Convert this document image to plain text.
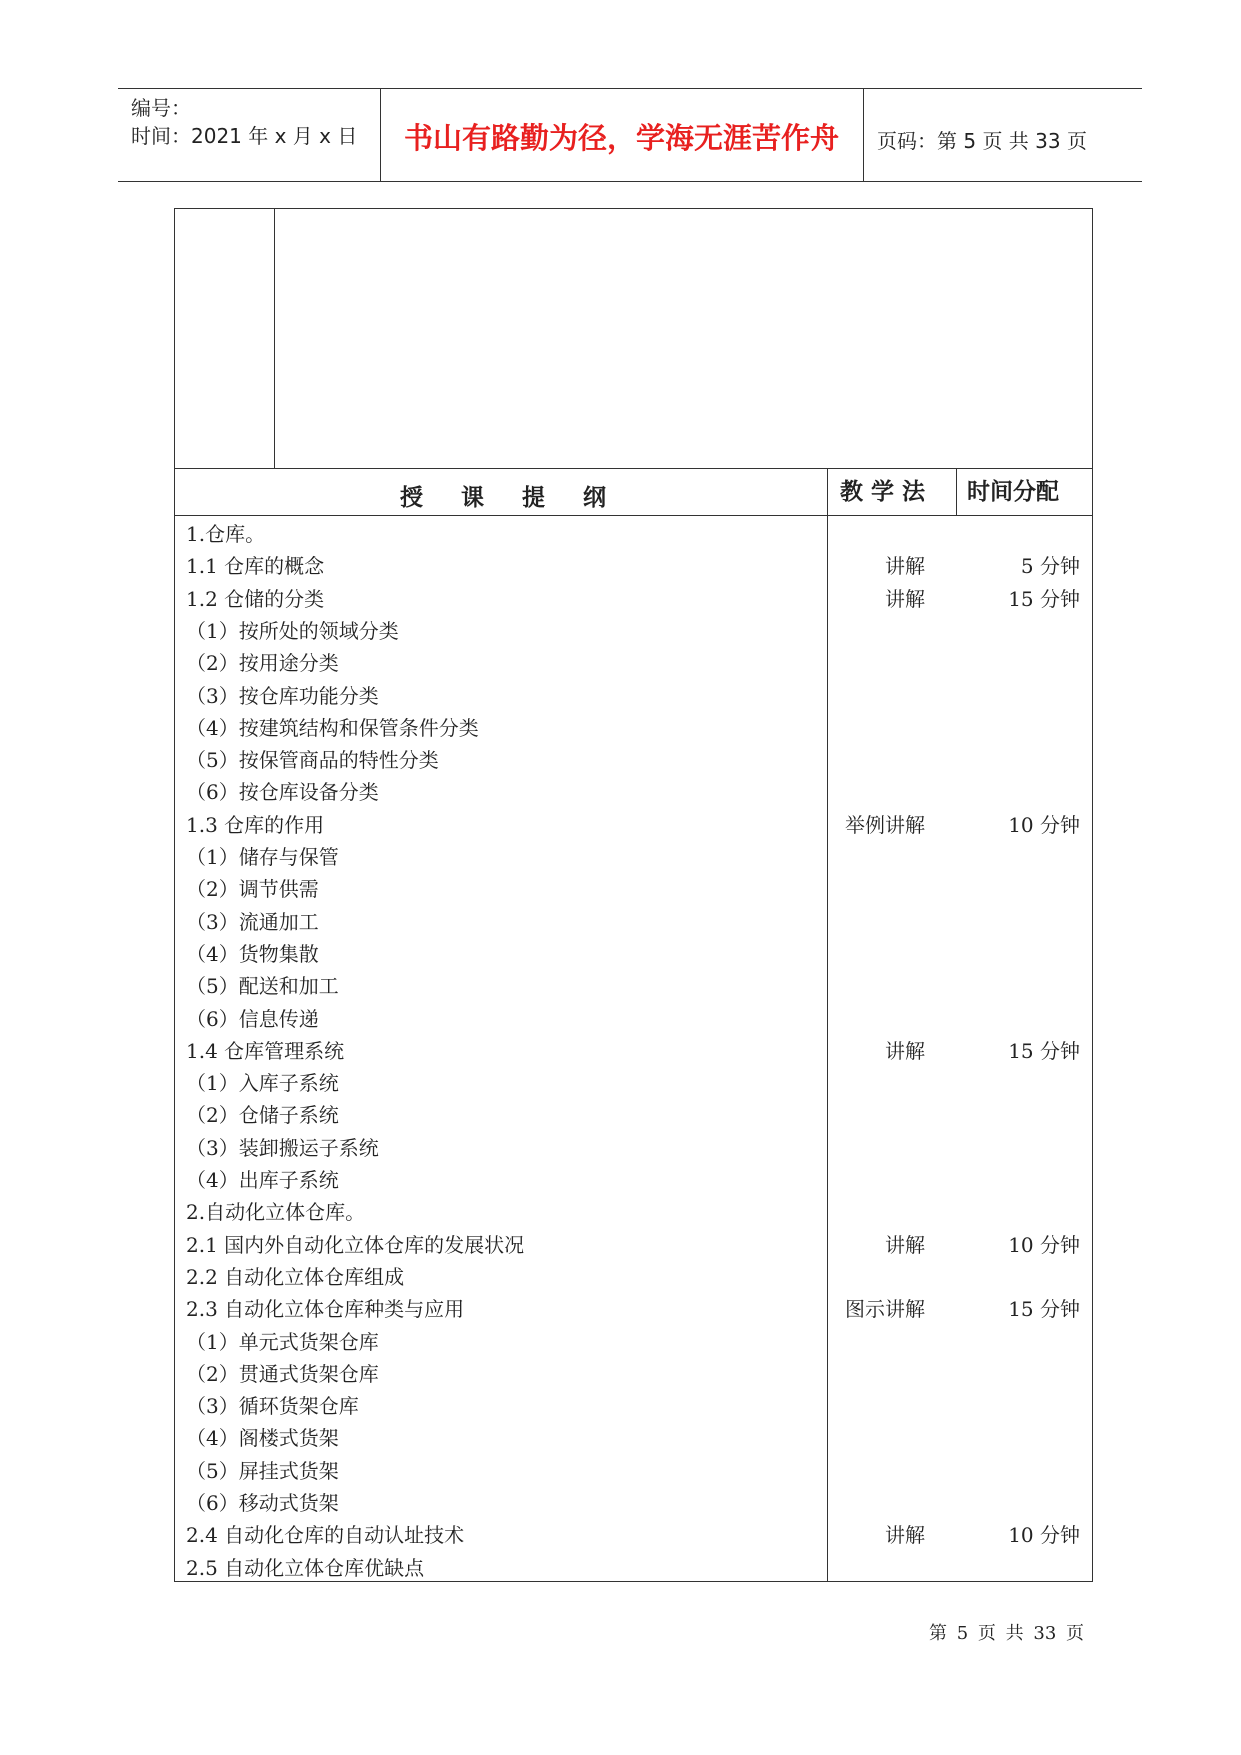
编号：
时间：2021 年 x 月 x 日	书山有路勤为径，学海无涯苦作舟	页码：第 5 页 共 33 页
授课提纲	教 学 法 时间分配
1.仓库。
1.1 仓库的概念	讲解	5 分钟
1.2 仓储的分类	讲解	15 分钟
（1）按所处的领域分类
（2）按用途分类
（3）按仓库功能分类
（4）按建筑结构和保管条件分类
（5）按保管商品的特性分类
（6）按仓库设备分类
1.3 仓库的作用	举例讲解	10 分钟
（1）储存与保管
（2）调节供需
（3）流通加工
（4）货物集散
（5）配送和加工
（6）信息传递
1.4 仓库管理系统	讲解	15 分钟
（1）入库子系统
（2）仓储子系统
（3）装卸搬运子系统
（4）出库子系统
2.自动化立体仓库。
2.1 国内外自动化立体仓库的发展状况	讲解	10 分钟
2.2 自动化立体仓库组成
2.3 自动化立体仓库种类与应用	图示讲解	15 分钟
（1）单元式货架仓库
（2）贯通式货架仓库
（3）循环货架仓库
（4）阁楼式货架
（5）屏挂式货架
（6）移动式货架
2.4 自动化仓库的自动认址技术	讲解	10 分钟
2.5 自动化立体仓库优缺点
第 5 页 共 33 页
